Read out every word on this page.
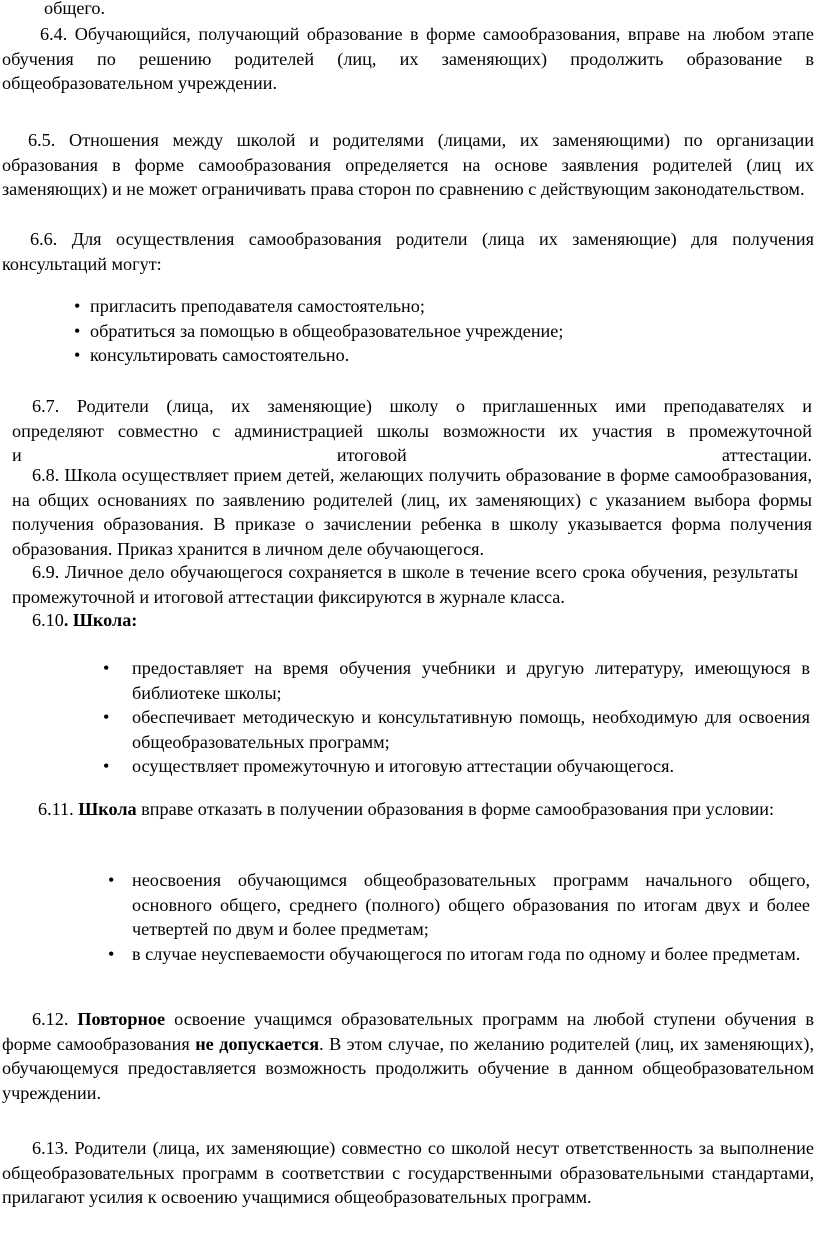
общего.
6.4. Обучающийся, получающий образование в форме самообразования, вправе на любом этапе обучения по решению родителей (лиц, их заменяющих) продолжить образование в общеобразовательном учреждении.
6.5. Отношения между школой и родителями (лицами, их заменяющими) по организации образования в форме самообразования определяется на основе заявления родителей (лиц их заменяющих) и не может ограничивать права сторон по сравнению с действующим законодательством.
6.6. Для осуществления самообразования родители (лица их заменяющие) для получения консультаций могут:
• пригласить преподавателя самостоятельно;
• обратиться за помощью в общеобразовательное учреждение;
• консультировать самостоятельно.
6.7. Родители (лица, их заменяющие) школу о приглашенных ими преподавателях и
определяют совместно с администрацией школы возможности их участия в промежуточной
и	итоговой	аттестации.
6.8. Школа осуществляет прием детей, желающих получить образование в форме самообразования, на общих основаниях по заявлению родителей (лиц, их заменяющих) с указанием выбора формы получения образования. В приказе о зачислении ребенка в школу указывается форма получения образования. Приказ хранится в личном деле обучающегося.
6.9. Личное дело обучающегося сохраняется в школе в течение всего срока обучения, результаты промежуточной и итоговой аттестации фиксируются в журнале класса.
6.10. Школа:
• предоставляет на время обучения учебники и другую литературу, имеющуюся в библиотеке школы;
• обеспечивает методическую и консультативную помощь, необходимую для освоения общеобразовательных программ;
• осуществляет промежуточную и итоговую аттестации обучающегося.
6.11. Школа вправе отказать в получении образования в форме самообразования при условии:
• неосвоения обучающимся общеобразовательных программ начального общего, основного общего, среднего (полного) общего образования по итогам двух и более четвертей по двум и более предметам;
• в случае неуспеваемости обучающегося по итогам года по одному и более предметам.
6.12. Повторное освоение учащимся образовательных программ на любой ступени обучения в форме самообразования не допускается. В этом случае, по желанию родителей (лиц, их заменяющих), обучающемуся предоставляется возможность продолжить обучение в данном общеобразовательном учреждении.
6.13. Родители (лица, их заменяющие) совместно со школой несут ответственность за выполнение общеобразовательных программ в соответствии с государственными образовательными стандартами, прилагают усилия к освоению учащимися общеобразовательных программ.
